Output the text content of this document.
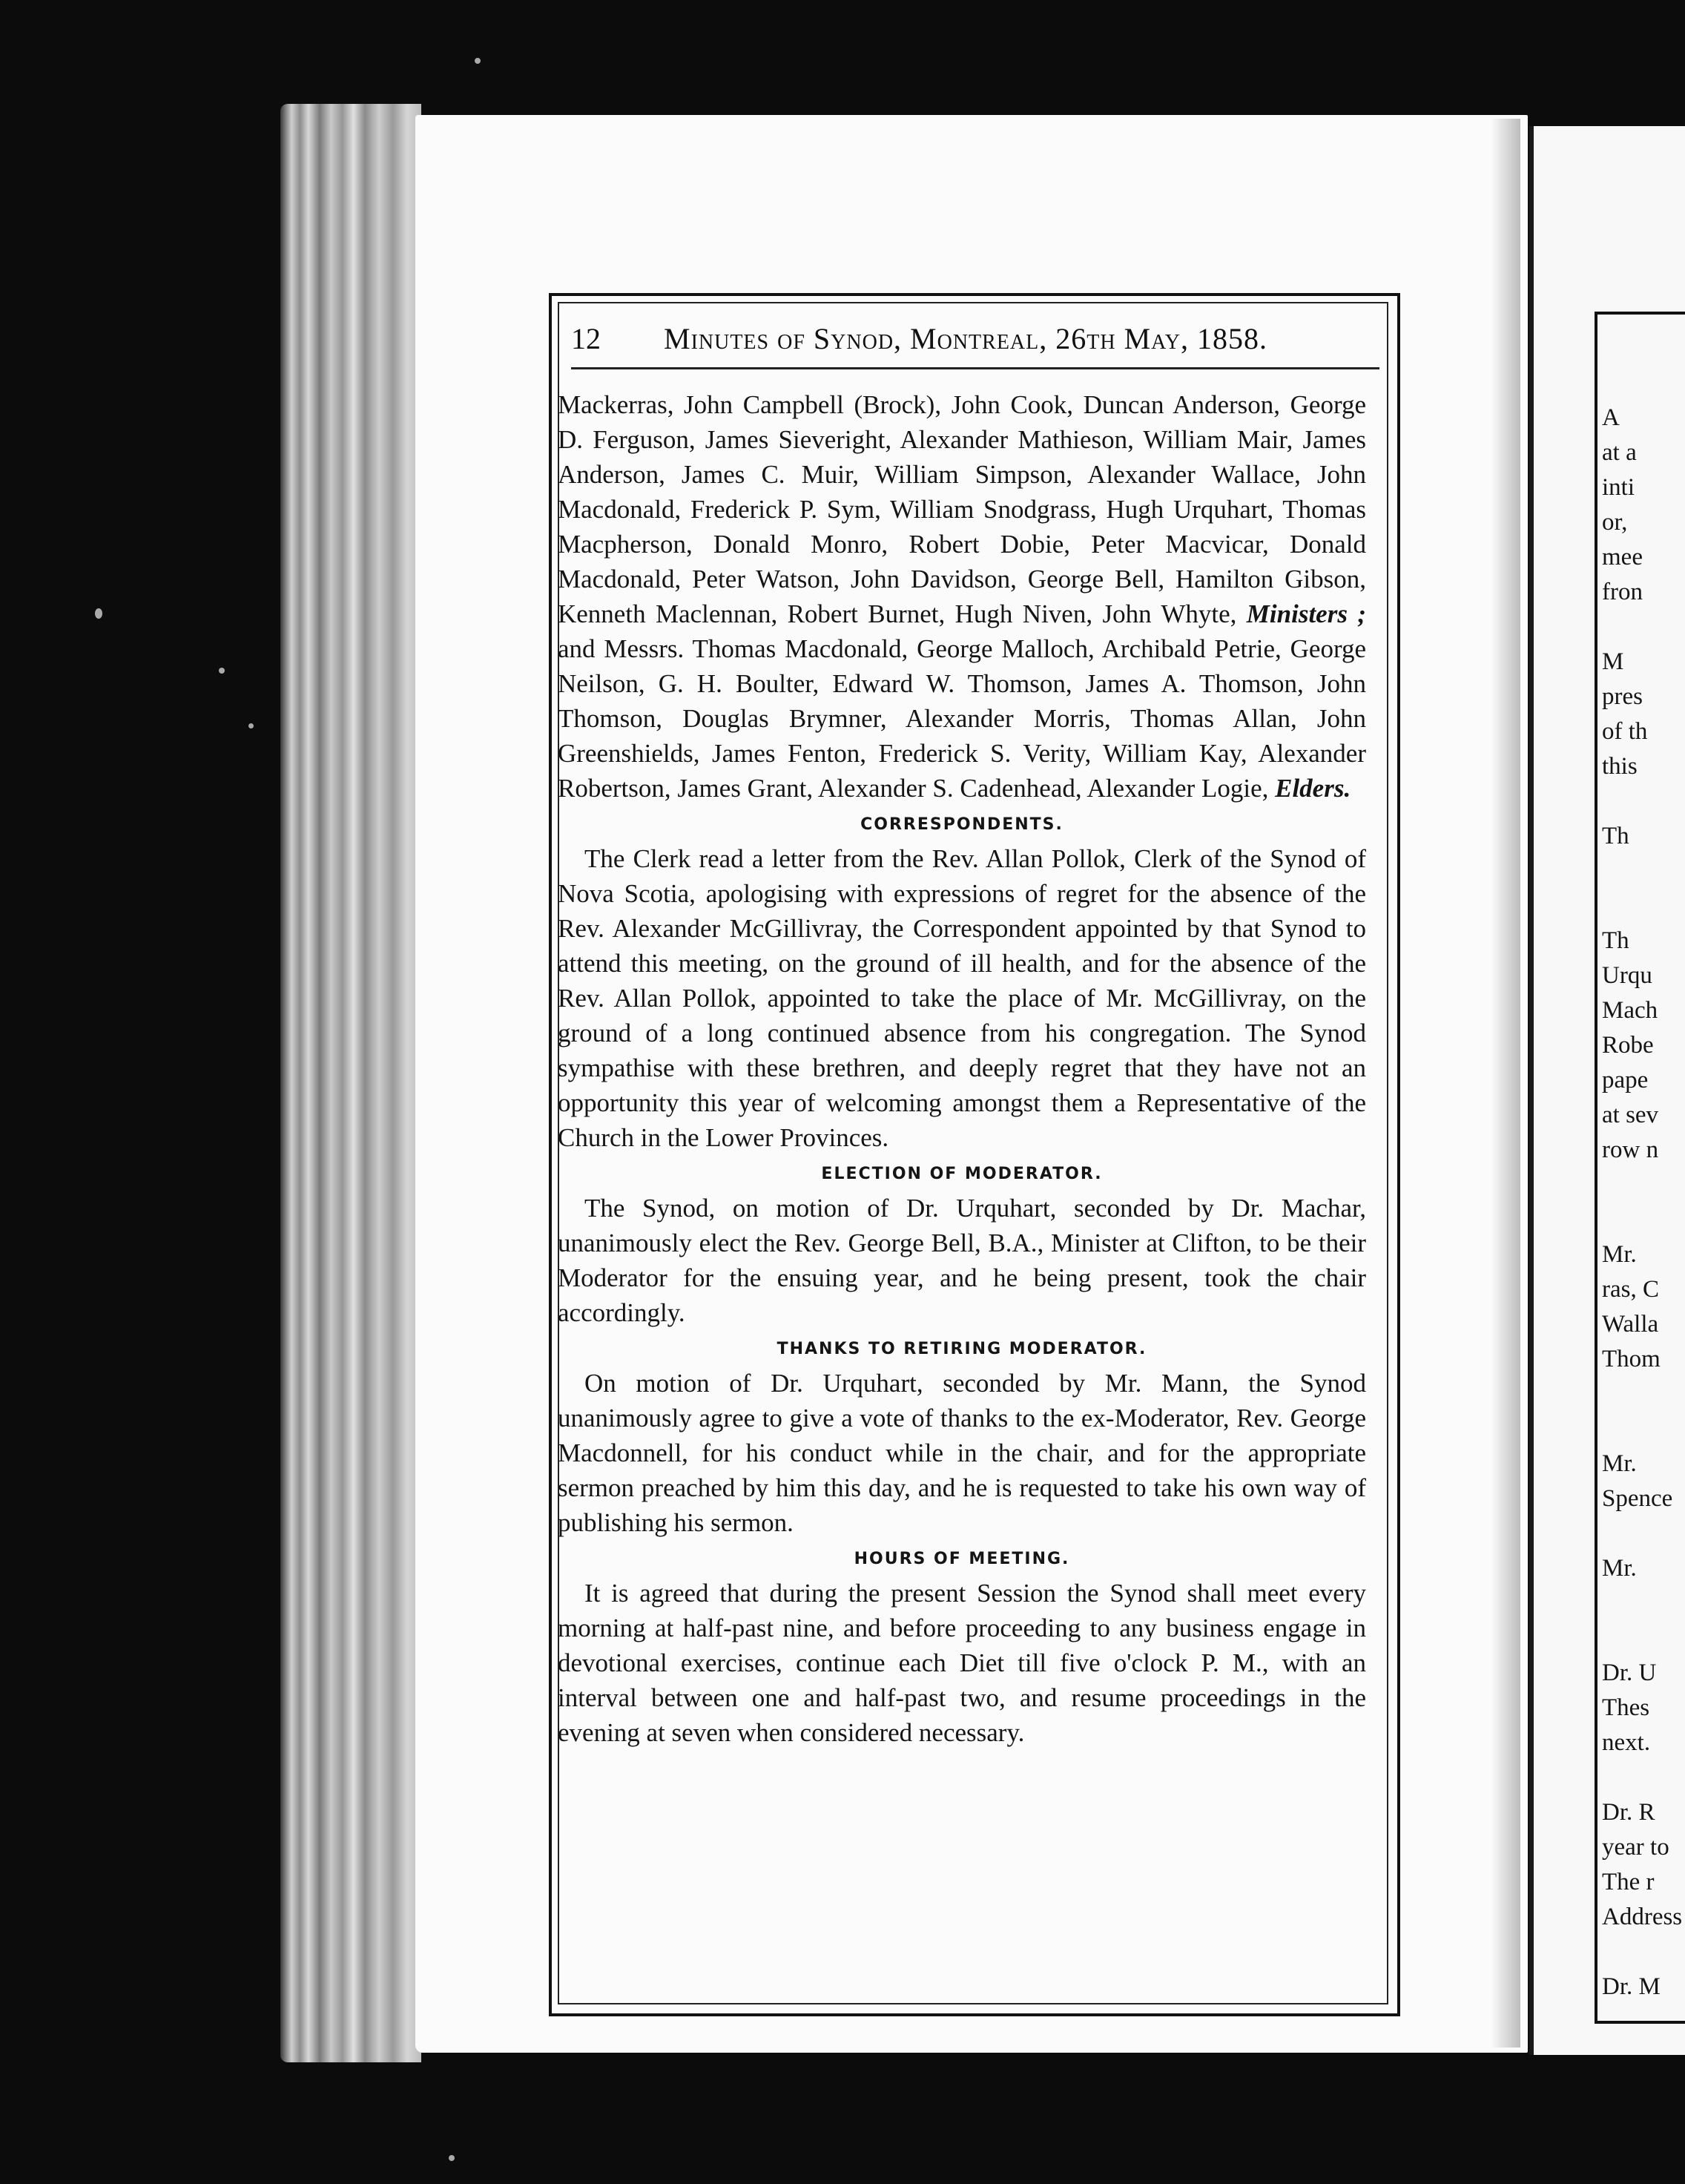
12 Minutes of Synod, Montreal, 26th May, 1858.

Mackerras, John Campbell (Brock), John Cook, Duncan Anderson, George D. Ferguson, James Sieveright, Alexander Mathieson, William Mair, James Anderson, James C. Muir, William Simpson, Alexander Wallace, John Macdonald, Frederick P. Sym, William Snodgrass, Hugh Urquhart, Thomas Macpherson, Donald Monro, Robert Dobie, Peter Macvicar, Donald Macdonald, Peter Watson, John Davidson, George Bell, Hamilton Gibson, Kenneth Maclennan, Robert Burnet, Hugh Niven, John Whyte, Ministers ; and Messrs. Thomas Macdonald, George Malloch, Archibald Petrie, George Neilson, G. H. Boulter, Edward W. Thomson, James A. Thomson, John Thomson, Douglas Brymner, Alexander Morris, Thomas Allan, John Greenshields, James Fenton, Frederick S. Verity, William Kay, Alexander Robertson, James Grant, Alexander S. Cadenhead, Alexander Logie, Elders.

CORRESPONDENTS.

The Clerk read a letter from the Rev. Allan Pollok, Clerk of the Synod of Nova Scotia, apologising with expressions of regret for the absence of the Rev. Alexander McGillivray, the Correspondent appointed by that Synod to attend this meeting, on the ground of ill health, and for the absence of the Rev. Allan Pollok, appointed to take the place of Mr. McGillivray, on the ground of a long continued absence from his congregation. The Synod sympathise with these brethren, and deeply regret that they have not an opportunity this year of welcoming amongst them a Representative of the Church in the Lower Provinces.

ELECTION OF MODERATOR.

The Synod, on motion of Dr. Urquhart, seconded by Dr. Machar, unanimously elect the Rev. George Bell, B.A., Minister at Clifton, to be their Moderator for the ensuing year, and he being present, took the chair accordingly.

THANKS TO RETIRING MODERATOR.

On motion of Dr. Urquhart, seconded by Mr. Mann, the Synod unanimously agree to give a vote of thanks to the ex-Moderator, Rev. George Macdonnell, for his conduct while in the chair, and for the appropriate sermon preached by him this day, and he is requested to take his own way of publishing his sermon.

HOURS OF MEETING.

It is agreed that during the present Session the Synod shall meet every morning at half-past nine, and before proceeding to any business engage in devotional exercises, continue each Diet till five o'clock P. M., with an interval between one and half-past two, and resume proceedings in the evening at seven when considered necessary.

A
at a
inti
or,
mee
fron
M
pres
of th
this
Th
Th
Urqu
Mach
Robe
pape
at sev
row n
Mr.
ras, C
Walla
Thom
Mr.
Spence
Mr.
Dr. U
Thes
next.
Dr. R
year to
The r
Address
Dr. M
